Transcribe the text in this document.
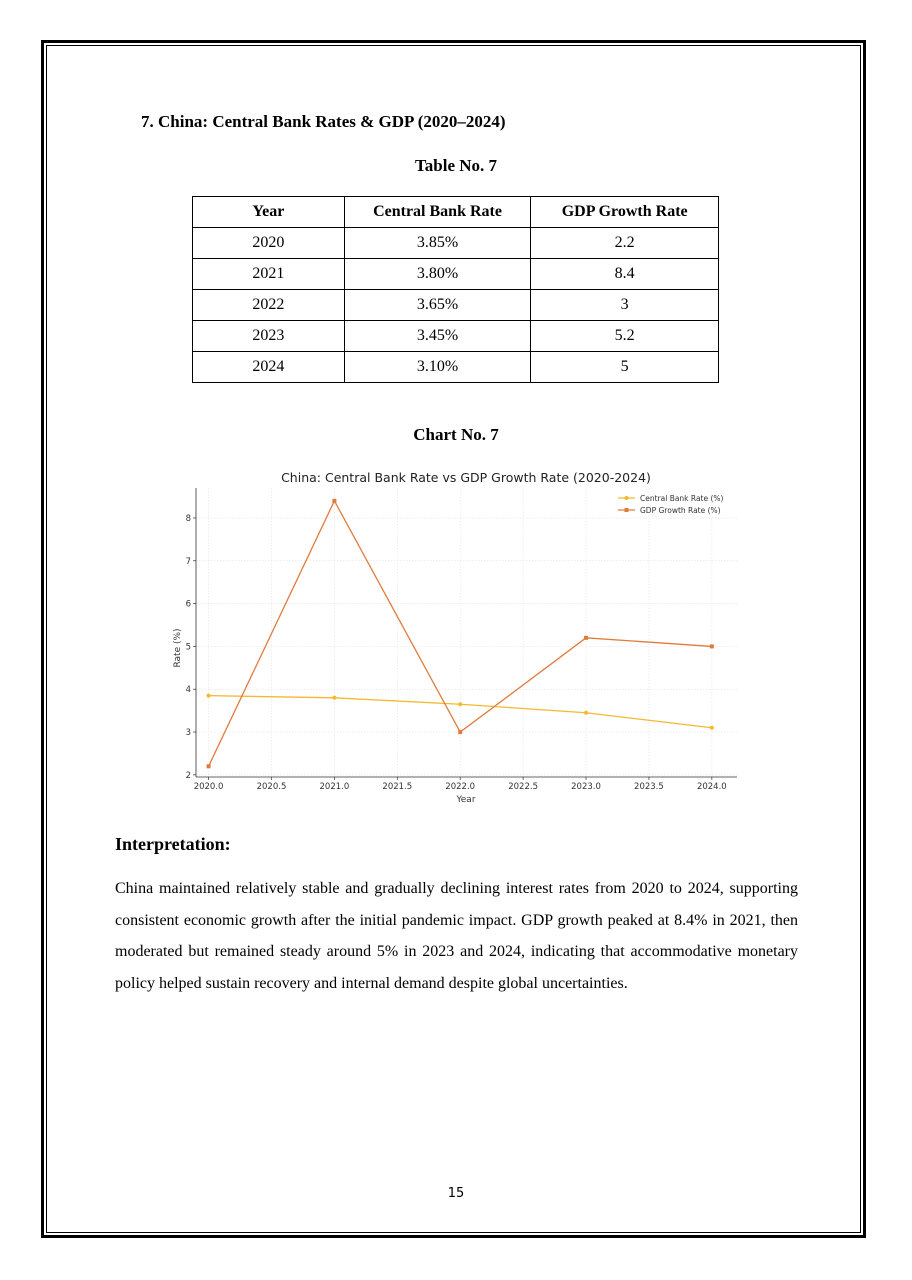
7. China: Central Bank Rates & GDP (2020–2024)
Table No. 7
Year	Central Bank Rate	GDP Growth Rate
2020	3.85%	2.2
2021	3.80%	8.4
2022	3.65%	3
2023	3.45%	5.2
2024	3.10%	5
Chart No. 7
China: Central Bank Rate vs GDP Growth Rate (2020-2024)
Rate (%)
Year
2020.0	2020.5	2021.0	2021.5	2022.0	2022.5	2023.0	2023.5	2024.0
2
3
4
5
6
7
8
Central Bank Rate (%)
GDP Growth Rate (%)
Interpretation:
China maintained relatively stable and gradually declining interest rates from 2020 to 2024, supporting consistent economic growth after the initial pandemic impact. GDP growth peaked at 8.4% in 2021, then moderated but remained steady around 5% in 2023 and 2024, indicating that accommodative monetary policy helped sustain recovery and internal demand despite global uncertainties.
15
